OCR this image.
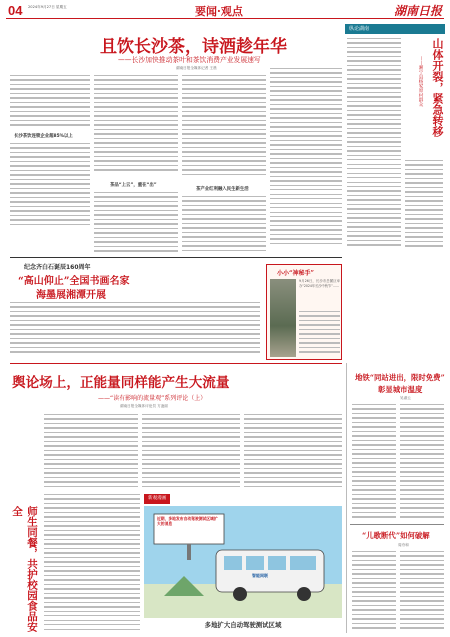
04 2024年9月27日 星期五	要闻·观点	湖南日报
且饮长沙茶，诗酒趁年华
——长沙加快推动茶叶和茶饮消费产业发展速写
湖南日报全媒体记者 王晨
长沙茶饮连锁企业超85%以上
茶品“上云”，重在“出”
茶产业红利融入民生新生活
纵论湖南
山体开裂，紧急转移
——湘宁县杨家原村群众
纪念齐白石诞辰160周年
“高山仰止”全国书画名家
海墨展湘潭开展
小小“神秘手”
9月26日，长沙市岳麓区举办“2024年长沙中秋节”……
舆论场上，正能量同样能产生大流量
——“读有影响的流量观”系列评论（上）
湖南日报全媒体评论员 方凌丽
师生同餐，共护校园食品安全
新观漫画
近期，多地发布自动驾驶测试区域扩大的消息
智能网联
多地扩大自动驾驶测试区域
地铁“同站进出，限时免费”
彰显城市温度
吴淑云
“儿歌断代”如何破解
周舟和
